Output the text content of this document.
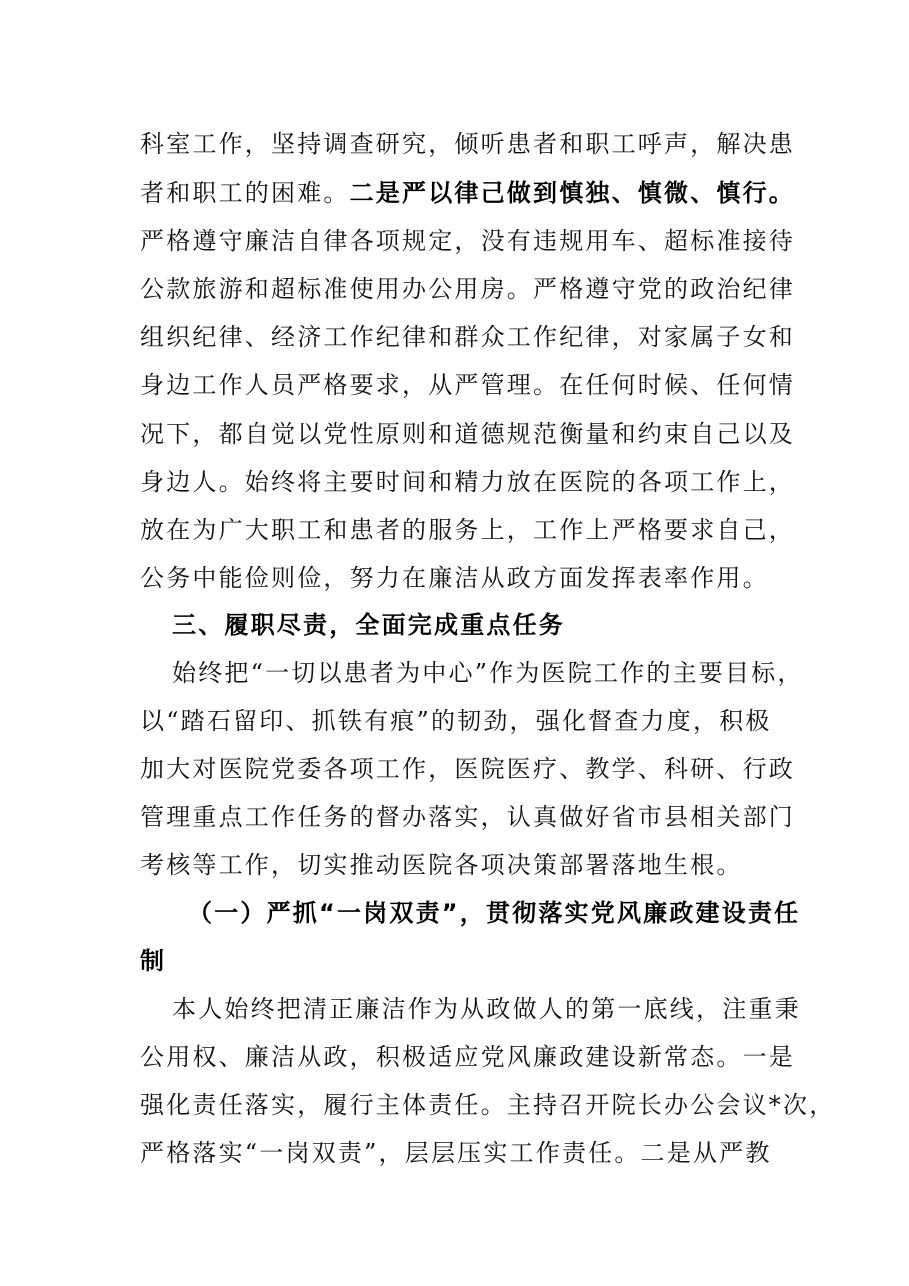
科室工作，坚持调查研究，倾听患者和职工呼声，解决患
者和职工的困难。二是严以律己做到慎独、慎微、慎行。
严格遵守廉洁自律各项规定，没有违规用车、超标准接待
公款旅游和超标准使用办公用房。严格遵守党的政治纪律
组织纪律、经济工作纪律和群众工作纪律，对家属子女和
身边工作人员严格要求，从严管理。在任何时候、任何情
况下，都自觉以党性原则和道德规范衡量和约束自己以及
身边人。始终将主要时间和精力放在医院的各项工作上，
放在为广大职工和患者的服务上，工作上严格要求自己，
公务中能俭则俭，努力在廉洁从政方面发挥表率作用。
三、履职尽责，全面完成重点任务
始终把“一切以患者为中心”作为医院工作的主要目标，
以“踏石留印、抓铁有痕”的韧劲，强化督查力度，积极
加大对医院党委各项工作，医院医疗、教学、科研、行政
管理重点工作任务的督办落实，认真做好省市县相关部门
考核等工作，切实推动医院各项决策部署落地生根。
（一）严抓“一岗双责”，贯彻落实党风廉政建设责任
制
本人始终把清正廉洁作为从政做人的第一底线，注重秉
公用权、廉洁从政，积极适应党风廉政建设新常态。一是
强化责任落实，履行主体责任。主持召开院长办公会议*次，
严格落实“一岗双责”，层层压实工作责任。二是从严教
